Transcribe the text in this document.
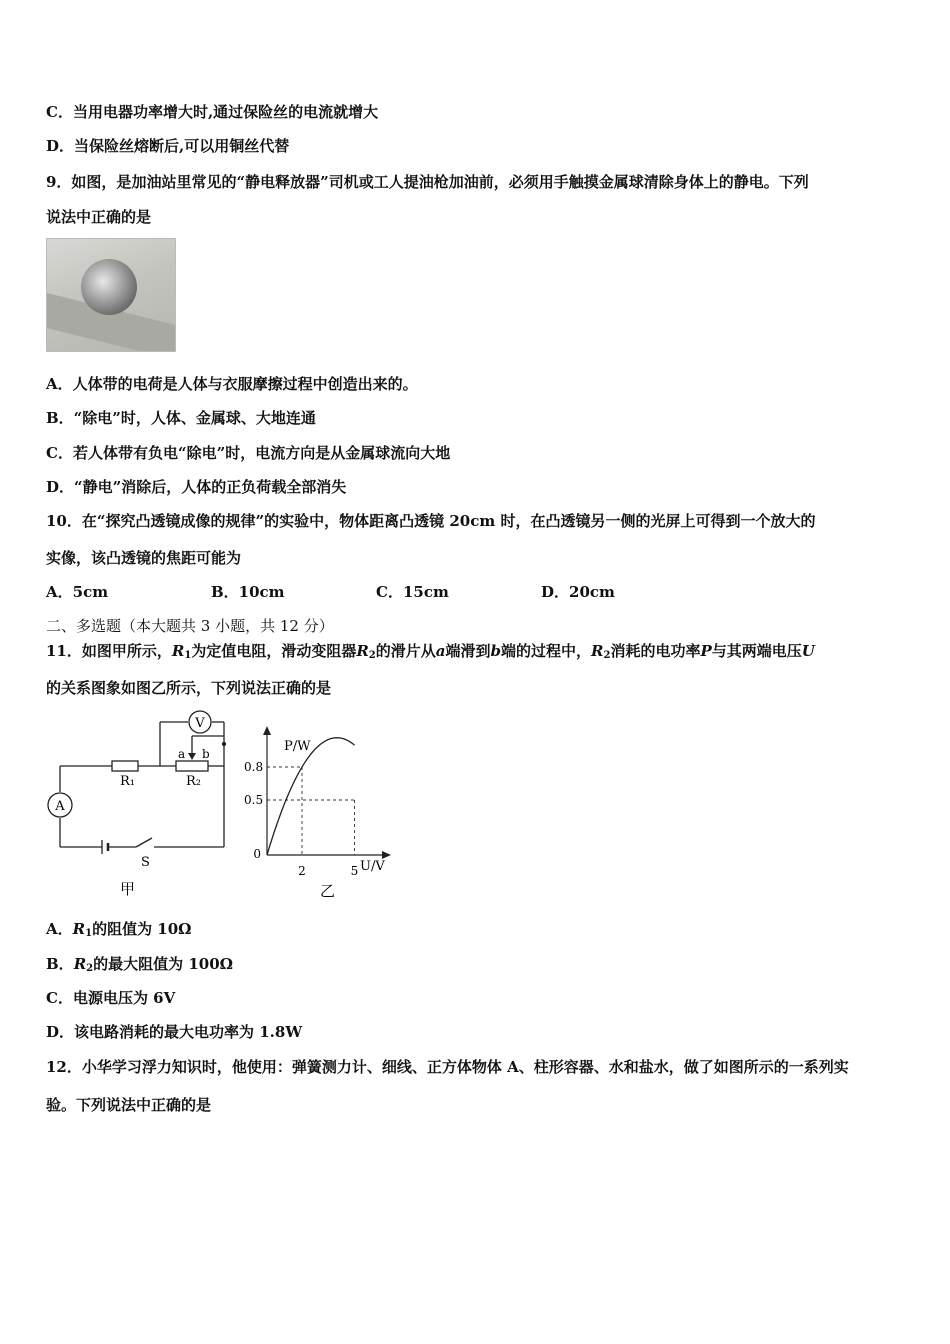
C．当用电器功率增大时,通过保险丝的电流就增大
D．当保险丝熔断后,可以用铜丝代替
9．如图，是加油站里常见的“静电释放器”司机或工人提油枪加油前，必须用手触摸金属球清除身体上的静电。下列
说法中正确的是
A．人体带的电荷是人体与衣服摩擦过程中创造出来的。
B．“除电”时，人体、金属球、大地连通
C．若人体带有负电“除电”时，电流方向是从金属球流向大地
D．“静电”消除后，人体的正负荷载全部消失
10．在“探究凸透镜成像的规律”的实验中，物体距离凸透镜 20cm 时，在凸透镜另一侧的光屏上可得到一个放大的
实像，该凸透镜的焦距可能为
A．5cm	B．10cm	C．15cm	D．20cm
二、多选题（本大题共 3 小题，共 12 分）
11．如图甲所示，$R_1$为定值电阻，滑动变阻器$R_2$的滑片从a端滑到b端的过程中，$R_2$消耗的电功率P与其两端电压U
的关系图象如图乙所示，下列说法正确的是
V
A
a b
R₁	R₂
S
甲
P/W
U/V
0
0.8
0.5
2	5
乙
A．$R_1$的阻值为 10Ω
B．$R_2$的最大阻值为 100Ω
C．电源电压为 6V
D．该电路消耗的最大电功率为 1.8W
12．小华学习浮力知识时，他使用：弹簧测力计、细线、正方体物体 A、柱形容器、水和盐水，做了如图所示的一系列实
验。下列说法中正确的是
